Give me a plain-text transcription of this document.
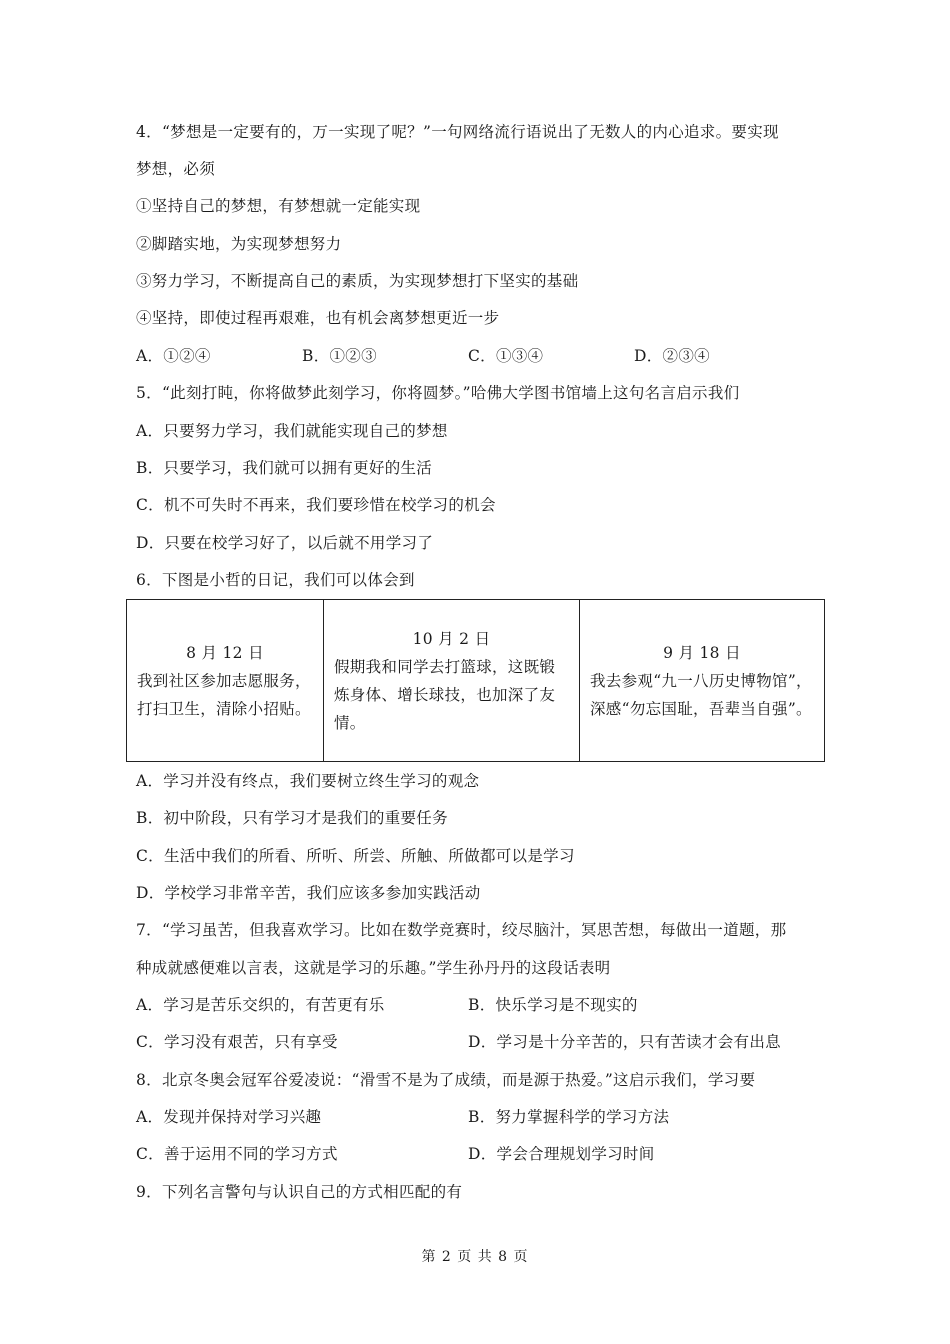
4．“梦想是一定要有的，万一实现了呢？”一句网络流行语说出了无数人的内心追求。要实现
梦想，必须
①坚持自己的梦想，有梦想就一定能实现
②脚踏实地，为实现梦想努力
③努力学习，不断提高自己的素质，为实现梦想打下坚实的基础
④坚持，即使过程再艰难，也有机会离梦想更近一步
A．①②④	B．①②③	C．①③④	D．②③④
5．“此刻打盹，你将做梦此刻学习，你将圆梦。”哈佛大学图书馆墙上这句名言启示我们
A．只要努力学习，我们就能实现自己的梦想
B．只要学习，我们就可以拥有更好的生活
C．机不可失时不再来，我们要珍惜在校学习的机会
D．只要在校学习好了，以后就不用学习了
6．下图是小哲的日记，我们可以体会到
8 月 12 日
我到社区参加志愿服务，
打扫卫生，清除小招贴。

10 月 2 日
假期我和同学去打篮球，这既锻
炼身体、增长球技，也加深了友
情。

9 月 18 日
我去参观“九一八历史博物馆”，
深感“勿忘国耻，吾辈当自强”。
A．学习并没有终点，我们要树立终生学习的观念
B．初中阶段，只有学习才是我们的重要任务
C．生活中我们的所看、所听、所尝、所触、所做都可以是学习
D．学校学习非常辛苦，我们应该多参加实践活动
7．“学习虽苦，但我喜欢学习。比如在数学竞赛时，绞尽脑汁，冥思苦想，每做出一道题，那
种成就感便难以言表，这就是学习的乐趣。”学生孙丹丹的这段话表明
A．学习是苦乐交织的，有苦更有乐	B．快乐学习是不现实的
C．学习没有艰苦，只有享受	D．学习是十分辛苦的，只有苦读才会有出息
8．北京冬奥会冠军谷爱凌说：“滑雪不是为了成绩，而是源于热爱。”这启示我们，学习要
A．发现并保持对学习兴趣	B．努力掌握科学的学习方法
C．善于运用不同的学习方式	D．学会合理规划学习时间
9．下列名言警句与认识自己的方式相匹配的有
第 2 页 共 8 页
